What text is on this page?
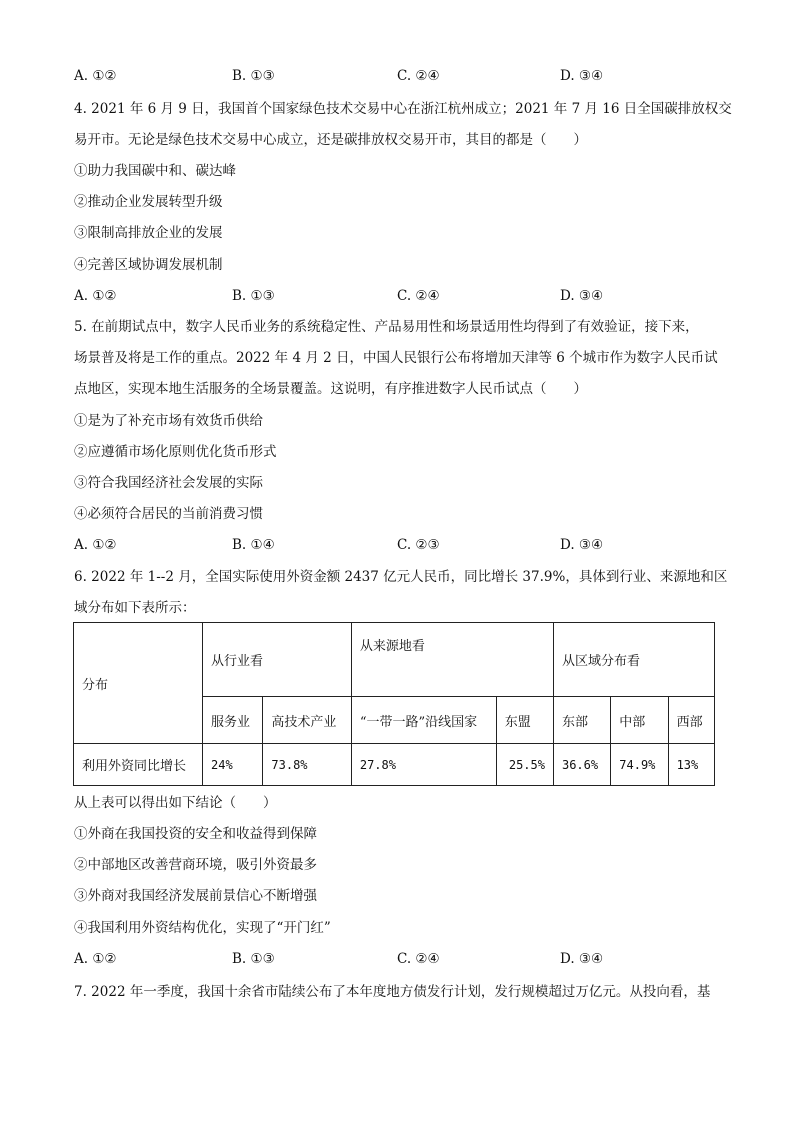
A. ①②	B. ①③	C. ②④	D. ③④
4. 2021 年 6 月 9 日，我国首个国家绿色技术交易中心在浙江杭州成立；2021 年 7 月 16 日全国碳排放权交
易开市。无论是绿色技术交易中心成立，还是碳排放权交易开市，其目的都是（　　）
①助力我国碳中和、碳达峰
②推动企业发展转型升级
③限制高排放企业的发展
④完善区域协调发展机制
A. ①②	B. ①③	C. ②④	D. ③④
5. 在前期试点中，数字人民币业务的系统稳定性、产品易用性和场景适用性均得到了有效验证，接下来，
场景普及将是工作的重点。2022 年 4 月 2 日，中国人民银行公布将增加天津等 6 个城市作为数字人民币试
点地区，实现本地生活服务的全场景覆盖。这说明，有序推进数字人民币试点（　　）
①是为了补充市场有效货币供给
②应遵循市场化原则优化货币形式
③符合我国经济社会发展的实际
④必须符合居民的当前消费习惯
A. ①②	B. ①④	C. ②③	D. ③④
6. 2022 年 1--2 月，全国实际使用外资金额 2437 亿元人民币，同比增长 37.9%，具体到行业、来源地和区
域分布如下表所示：
分布	从行业看		从来源地看		从区域分布看		
	服务业	高技术产业	“一带一路”沿线国家	东盟	东部	中部	西部
利用外资同比增长	24%	73.8%	27.8%	25.5%	36.6%	74.9%	13%
从上表可以得出如下结论（　　）
①外商在我国投资的安全和收益得到保障
②中部地区改善营商环境，吸引外资最多
③外商对我国经济发展前景信心不断增强
④我国利用外资结构优化，实现了“开门红”
A. ①②	B. ①③	C. ②④	D. ③④
7. 2022 年一季度，我国十余省市陆续公布了本年度地方债发行计划，发行规模超过万亿元。从投向看，基
